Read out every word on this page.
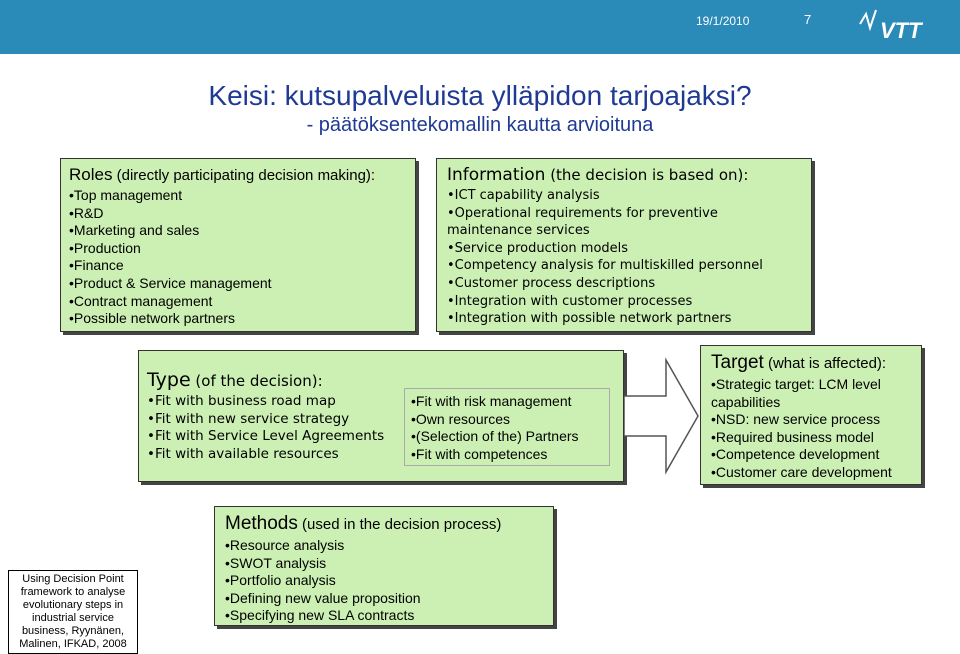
19/1/2010	7	VTT
Keisi: kutsupalveluista ylläpidon tarjoajaksi?
- päätöksentekomallin kautta arvioituna
Roles (directly participating decision making):
• Top management
• R&D
• Marketing and sales
• Production
• Finance
• Product & Service management
• Contract management
• Possible network partners
Information (the decision is based on):
• ICT capability analysis
• Operational requirements for preventive maintenance services
• Service production models
• Competency analysis for multiskilled personnel
• Customer process descriptions
• Integration with customer processes
• Integration with possible network partners
Type (of the decision):
• Fit with business road map
• Fit with new service strategy
• Fit with Service Level Agreements
• Fit with available resources
• Fit with risk management
• Own resources
• (Selection of the) Partners
• Fit with competences
Target (what is affected):
• Strategic target: LCM level capabilities
• NSD: new service process
• Required business model
• Competence development
• Customer care development
Methods (used in the decision process)
• Resource analysis
• SWOT analysis
• Portfolio analysis
• Defining new value proposition
• Specifying new SLA contracts
Using Decision Point framework to analyse evolutionary steps in industrial service business, Ryynänen, Malinen, IFKAD, 2008
